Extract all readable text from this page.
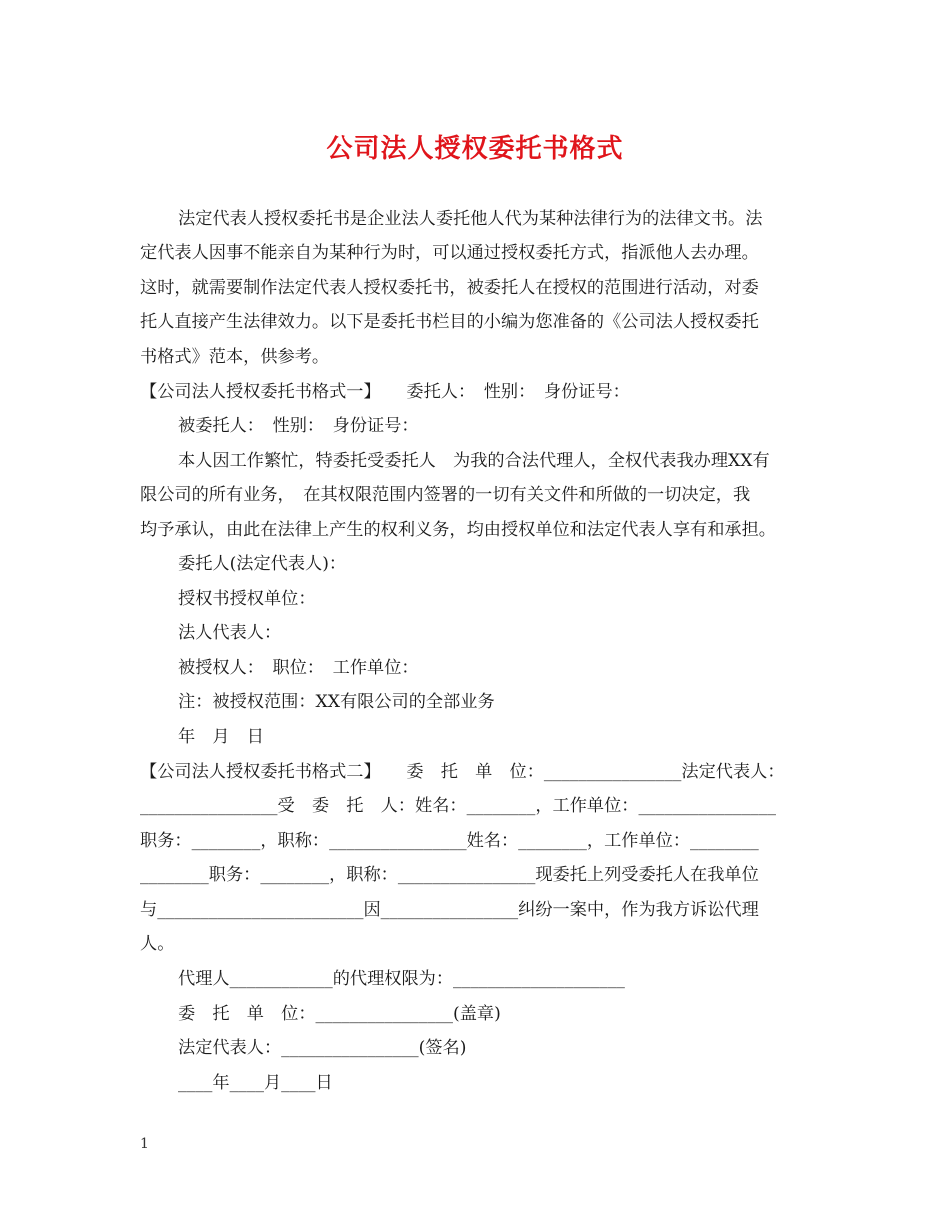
公司法人授权委托书格式
法定代表人授权委托书是企业法人委托他人代为某种法律行为的法律文书。法
定代表人因事不能亲自为某种行为时，可以通过授权委托方式，指派他人去办理。
这时，就需要制作法定代表人授权委托书，被委托人在授权的范围进行活动，对委
托人直接产生法律效力。以下是委托书栏目的小编为您准备的《公司法人授权委托
书格式》范本，供参考。
【公司法人授权委托书格式一】　　委托人：　性别：　身份证号：
被委托人：　性别：　身份证号：
本人因工作繁忙，特委托受委托人　为我的合法代理人，全权代表我办理XX有
限公司的所有业务，　在其权限范围内签署的一切有关文件和所做的一切决定，我
均予承认，由此在法律上产生的权利义务，均由授权单位和法定代表人享有和承担。
委托人(法定代表人)：
授权书授权单位：
法人代表人：
被授权人：　职位：　工作单位：
注：被授权范围：XX有限公司的全部业务
年　月　日
【公司法人授权委托书格式二】　　委　托　单　位：________________法定代表人：
________________受　委　托　人：姓名：________，工作单位：________________
职务：________，职称：________________姓名：________，工作单位：________
________职务：________，职称：________________现委托上列受委托人在我单位
与________________________因________________纠纷一案中，作为我方诉讼代理
人。
代理人____________的代理权限为：____________________
委　托　单　位：________________(盖章)
法定代表人：________________(签名)
____年____月____日
1
